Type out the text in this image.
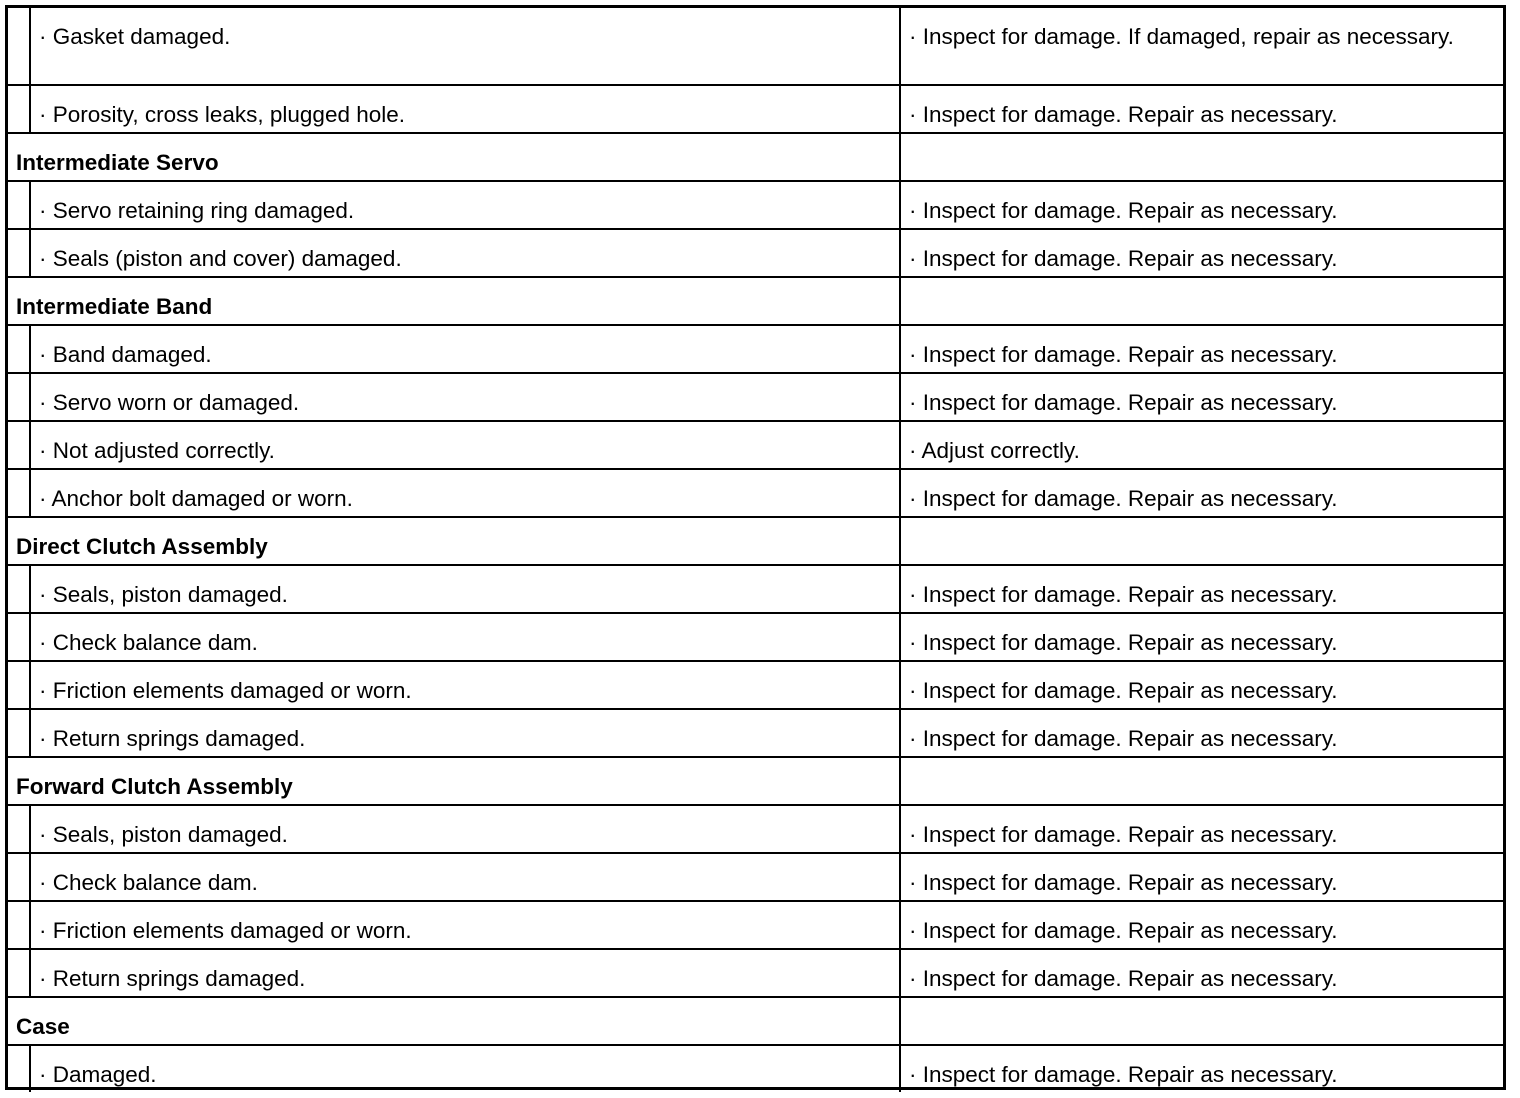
· Gasket damaged.	· Inspect for damage. If damaged, repair as necessary.
· Porosity, cross leaks, plugged hole.	· Inspect for damage. Repair as necessary.
Intermediate Servo
· Servo retaining ring damaged.	· Inspect for damage. Repair as necessary.
· Seals (piston and cover) damaged.	· Inspect for damage. Repair as necessary.
Intermediate Band
· Band damaged.	· Inspect for damage. Repair as necessary.
· Servo worn or damaged.	· Inspect for damage. Repair as necessary.
· Not adjusted correctly.	· Adjust correctly.
· Anchor bolt damaged or worn.	· Inspect for damage. Repair as necessary.
Direct Clutch Assembly
· Seals, piston damaged.	· Inspect for damage. Repair as necessary.
· Check balance dam.	· Inspect for damage. Repair as necessary.
· Friction elements damaged or worn.	· Inspect for damage. Repair as necessary.
· Return springs damaged.	· Inspect for damage. Repair as necessary.
Forward Clutch Assembly
· Seals, piston damaged.	· Inspect for damage. Repair as necessary.
· Check balance dam.	· Inspect for damage. Repair as necessary.
· Friction elements damaged or worn.	· Inspect for damage. Repair as necessary.
· Return springs damaged.	· Inspect for damage. Repair as necessary.
Case
· Damaged.	· Inspect for damage. Repair as necessary.
